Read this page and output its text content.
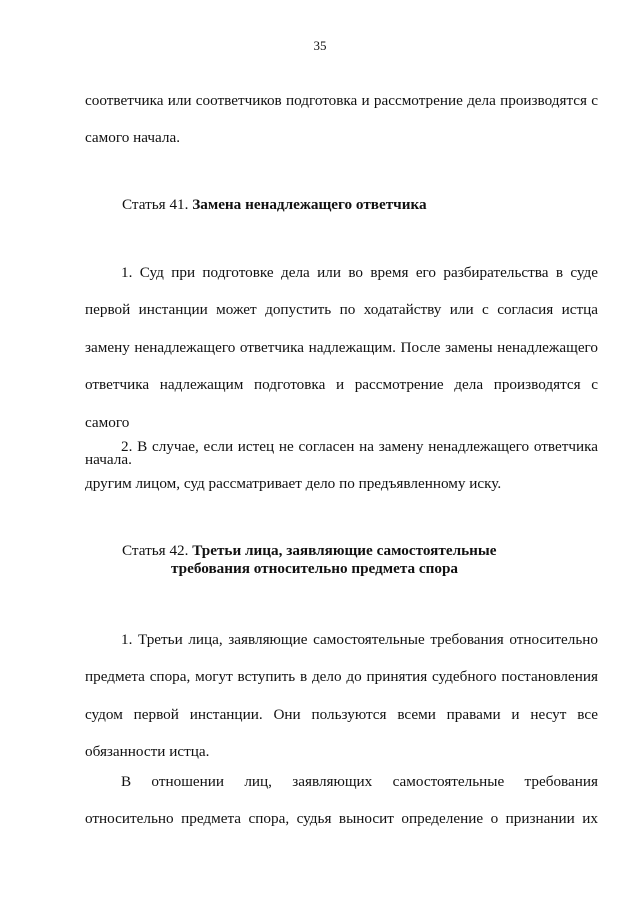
35
соответчика или соответчиков подготовка и рассмотрение дела производятся с
самого начала.
Статья 41. Замена ненадлежащего ответчика
1. Суд при подготовке дела или во время его разбирательства в суде
первой инстанции может допустить по ходатайству или с согласия истца
замену ненадлежащего ответчика надлежащим. После замены ненадлежащего
ответчика надлежащим подготовка и рассмотрение дела производятся с самого
начала.
2. В случае, если истец не согласен на замену ненадлежащего ответчика
другим лицом, суд рассматривает дело по предъявленному иску.
Статья 42. Третьи лица, заявляющие самостоятельные
требования относительно предмета спора
1. Третьи лица, заявляющие самостоятельные требования относительно
предмета спора, могут вступить в дело до принятия судебного постановления
судом первой инстанции. Они пользуются всеми правами и несут все
обязанности истца.
В отношении лиц, заявляющих самостоятельные требования
относительно предмета спора, судья выносит определение о признании их
